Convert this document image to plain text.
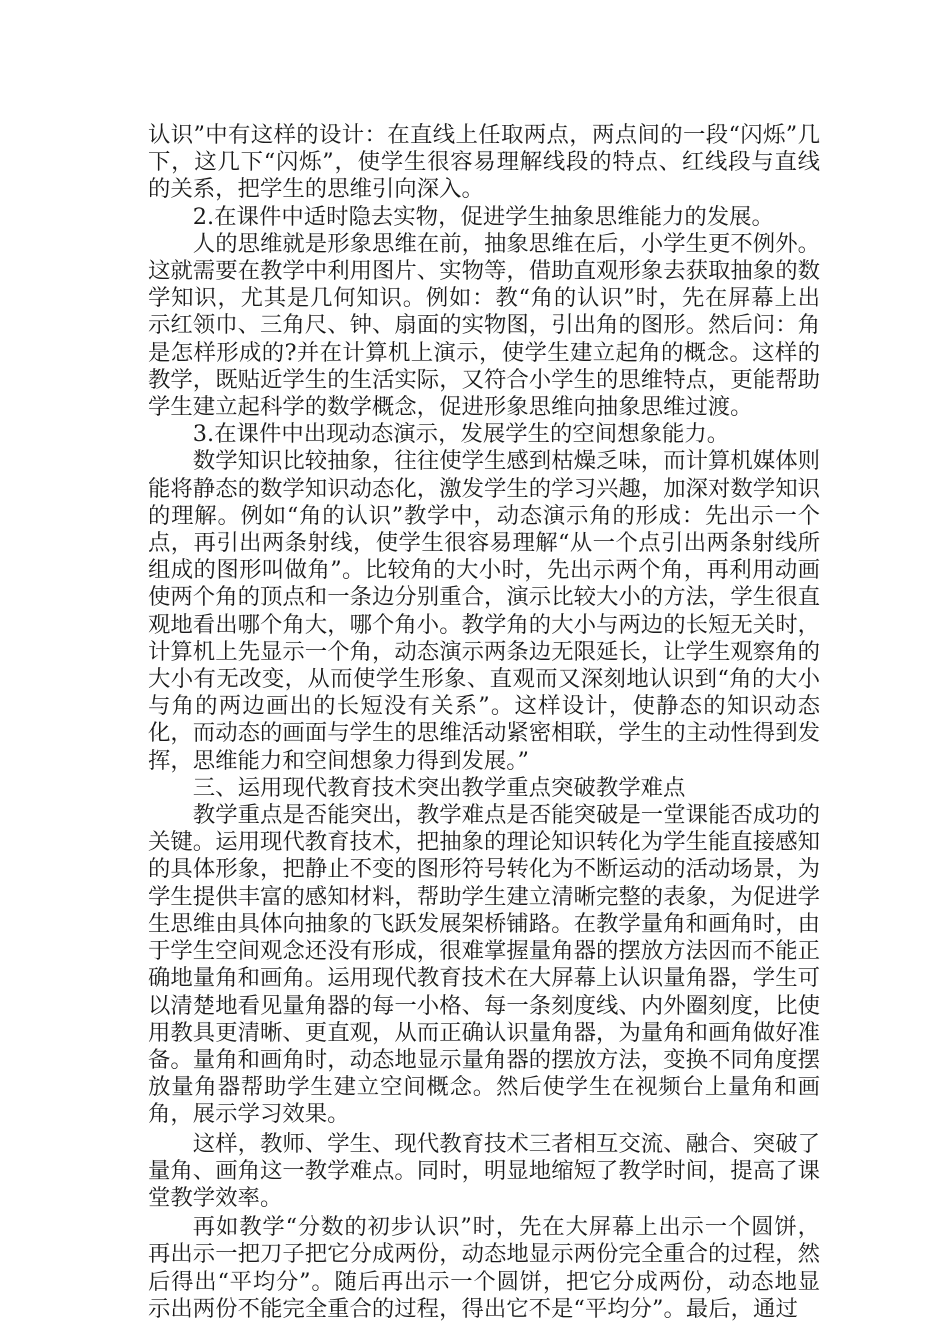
认识”中有这样的设计：在直线上任取两点，两点间的一段“闪烁”几下，这几下“闪烁”，使学生很容易理解线段的特点、红线段与直线的关系，把学生的思维引向深入。

2.在课件中适时隐去实物，促进学生抽象思维能力的发展。

人的思维就是形象思维在前，抽象思维在后，小学生更不例外。这就需要在教学中利用图片、实物等，借助直观形象去获取抽象的数学知识，尤其是几何知识。例如：教“角的认识”时，先在屏幕上出示红领巾、三角尺、钟、扇面的实物图，引出角的图形。然后问：角是怎样形成的?并在计算机上演示，使学生建立起角的概念。这样的教学，既贴近学生的生活实际，又符合小学生的思维特点，更能帮助学生建立起科学的数学概念，促进形象思维向抽象思维过渡。

3.在课件中出现动态演示，发展学生的空间想象能力。

数学知识比较抽象，往往使学生感到枯燥乏味，而计算机媒体则能将静态的数学知识动态化，激发学生的学习兴趣，加深对数学知识的理解。例如“角的认识”教学中，动态演示角的形成：先出示一个点，再引出两条射线，使学生很容易理解“从一个点引出两条射线所组成的图形叫做角”。比较角的大小时，先出示两个角，再利用动画使两个角的顶点和一条边分别重合，演示比较大小的方法，学生很直观地看出哪个角大，哪个角小。教学角的大小与两边的长短无关时，计算机上先显示一个角，动态演示两条边无限延长，让学生观察角的大小有无改变，从而使学生形象、直观而又深刻地认识到“角的大小与角的两边画出的长短没有关系”。这样设计，使静态的知识动态化，而动态的画面与学生的思维活动紧密相联，学生的主动性得到发挥，思维能力和空间想象力得到发展。”

三、运用现代教育技术突出教学重点突破教学难点

教学重点是否能突出，教学难点是否能突破是一堂课能否成功的关键。运用现代教育技术，把抽象的理论知识转化为学生能直接感知的具体形象，把静止不变的图形符号转化为不断运动的活动场景，为学生提供丰富的感知材料，帮助学生建立清晰完整的表象，为促进学生思维由具体向抽象的飞跃发展架桥铺路。在教学量角和画角时，由于学生空间观念还没有形成，很难掌握量角器的摆放方法因而不能正确地量角和画角。运用现代教育技术在大屏幕上认识量角器，学生可以清楚地看见量角器的每一小格、每一条刻度线、内外圈刻度，比使用教具更清晰、更直观，从而正确认识量角器，为量角和画角做好准备。量角和画角时，动态地显示量角器的摆放方法，变换不同角度摆放量角器帮助学生建立空间概念。然后使学生在视频台上量角和画角，展示学习效果。

这样，教师、学生、现代教育技术三者相互交流、融合、突破了量角、画角这一教学难点。同时，明显地缩短了教学时间，提高了课堂教学效率。

再如教学“分数的初步认识”时，先在大屏幕上出示一个圆饼，再出示一把刀子把它分成两份，动态地显示两份完全重合的过程，然后得出“平均分”。随后再出示一个圆饼，把它分成两份，动态地显示出两份不能完全重合的过程，得出它不是“平均分”。最后，通过
